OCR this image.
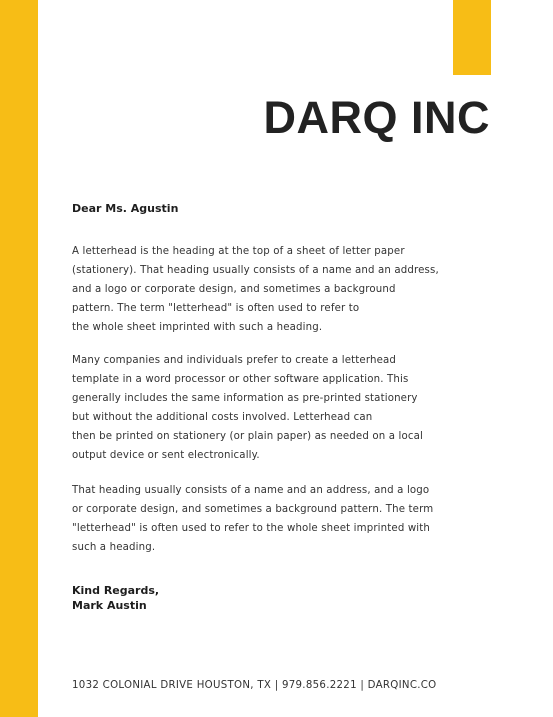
DARQ INC

Dear Ms. Agustin

A letterhead is the heading at the top of a sheet of letter paper
(stationery). That heading usually consists of a name and an address,
and a logo or corporate design, and sometimes a background
pattern. The term "letterhead" is often used to refer to
the whole sheet imprinted with such a heading.
Many companies and individuals prefer to create a letterhead
template in a word processor or other software application. This
generally includes the same information as pre-printed stationery
but without the additional costs involved. Letterhead can
then be printed on stationery (or plain paper) as needed on a local
output device or sent electronically.
That heading usually consists of a name and an address, and a logo
or corporate design, and sometimes a background pattern. The term
"letterhead" is often used to refer to the whole sheet imprinted with
such a heading.
Kind Regards,
Mark Austin

1032 COLONIAL DRIVE HOUSTON, TX | 979.856.2221 | DARQINC.CO
